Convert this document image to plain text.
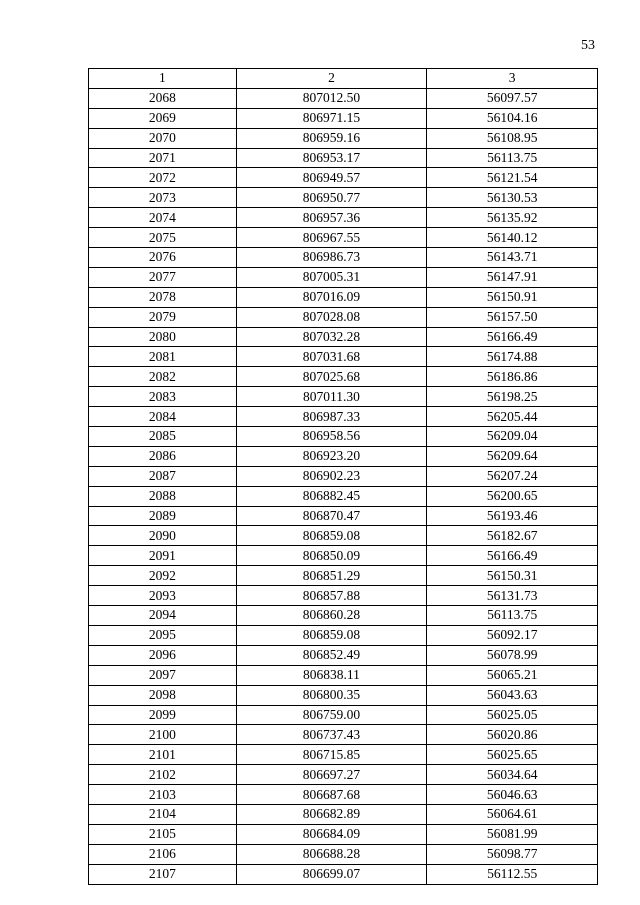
53
1	2	3
2068	807012.50	56097.57
2069	806971.15	56104.16
2070	806959.16	56108.95
2071	806953.17	56113.75
2072	806949.57	56121.54
2073	806950.77	56130.53
2074	806957.36	56135.92
2075	806967.55	56140.12
2076	806986.73	56143.71
2077	807005.31	56147.91
2078	807016.09	56150.91
2079	807028.08	56157.50
2080	807032.28	56166.49
2081	807031.68	56174.88
2082	807025.68	56186.86
2083	807011.30	56198.25
2084	806987.33	56205.44
2085	806958.56	56209.04
2086	806923.20	56209.64
2087	806902.23	56207.24
2088	806882.45	56200.65
2089	806870.47	56193.46
2090	806859.08	56182.67
2091	806850.09	56166.49
2092	806851.29	56150.31
2093	806857.88	56131.73
2094	806860.28	56113.75
2095	806859.08	56092.17
2096	806852.49	56078.99
2097	806838.11	56065.21
2098	806800.35	56043.63
2099	806759.00	56025.05
2100	806737.43	56020.86
2101	806715.85	56025.65
2102	806697.27	56034.64
2103	806687.68	56046.63
2104	806682.89	56064.61
2105	806684.09	56081.99
2106	806688.28	56098.77
2107	806699.07	56112.55
